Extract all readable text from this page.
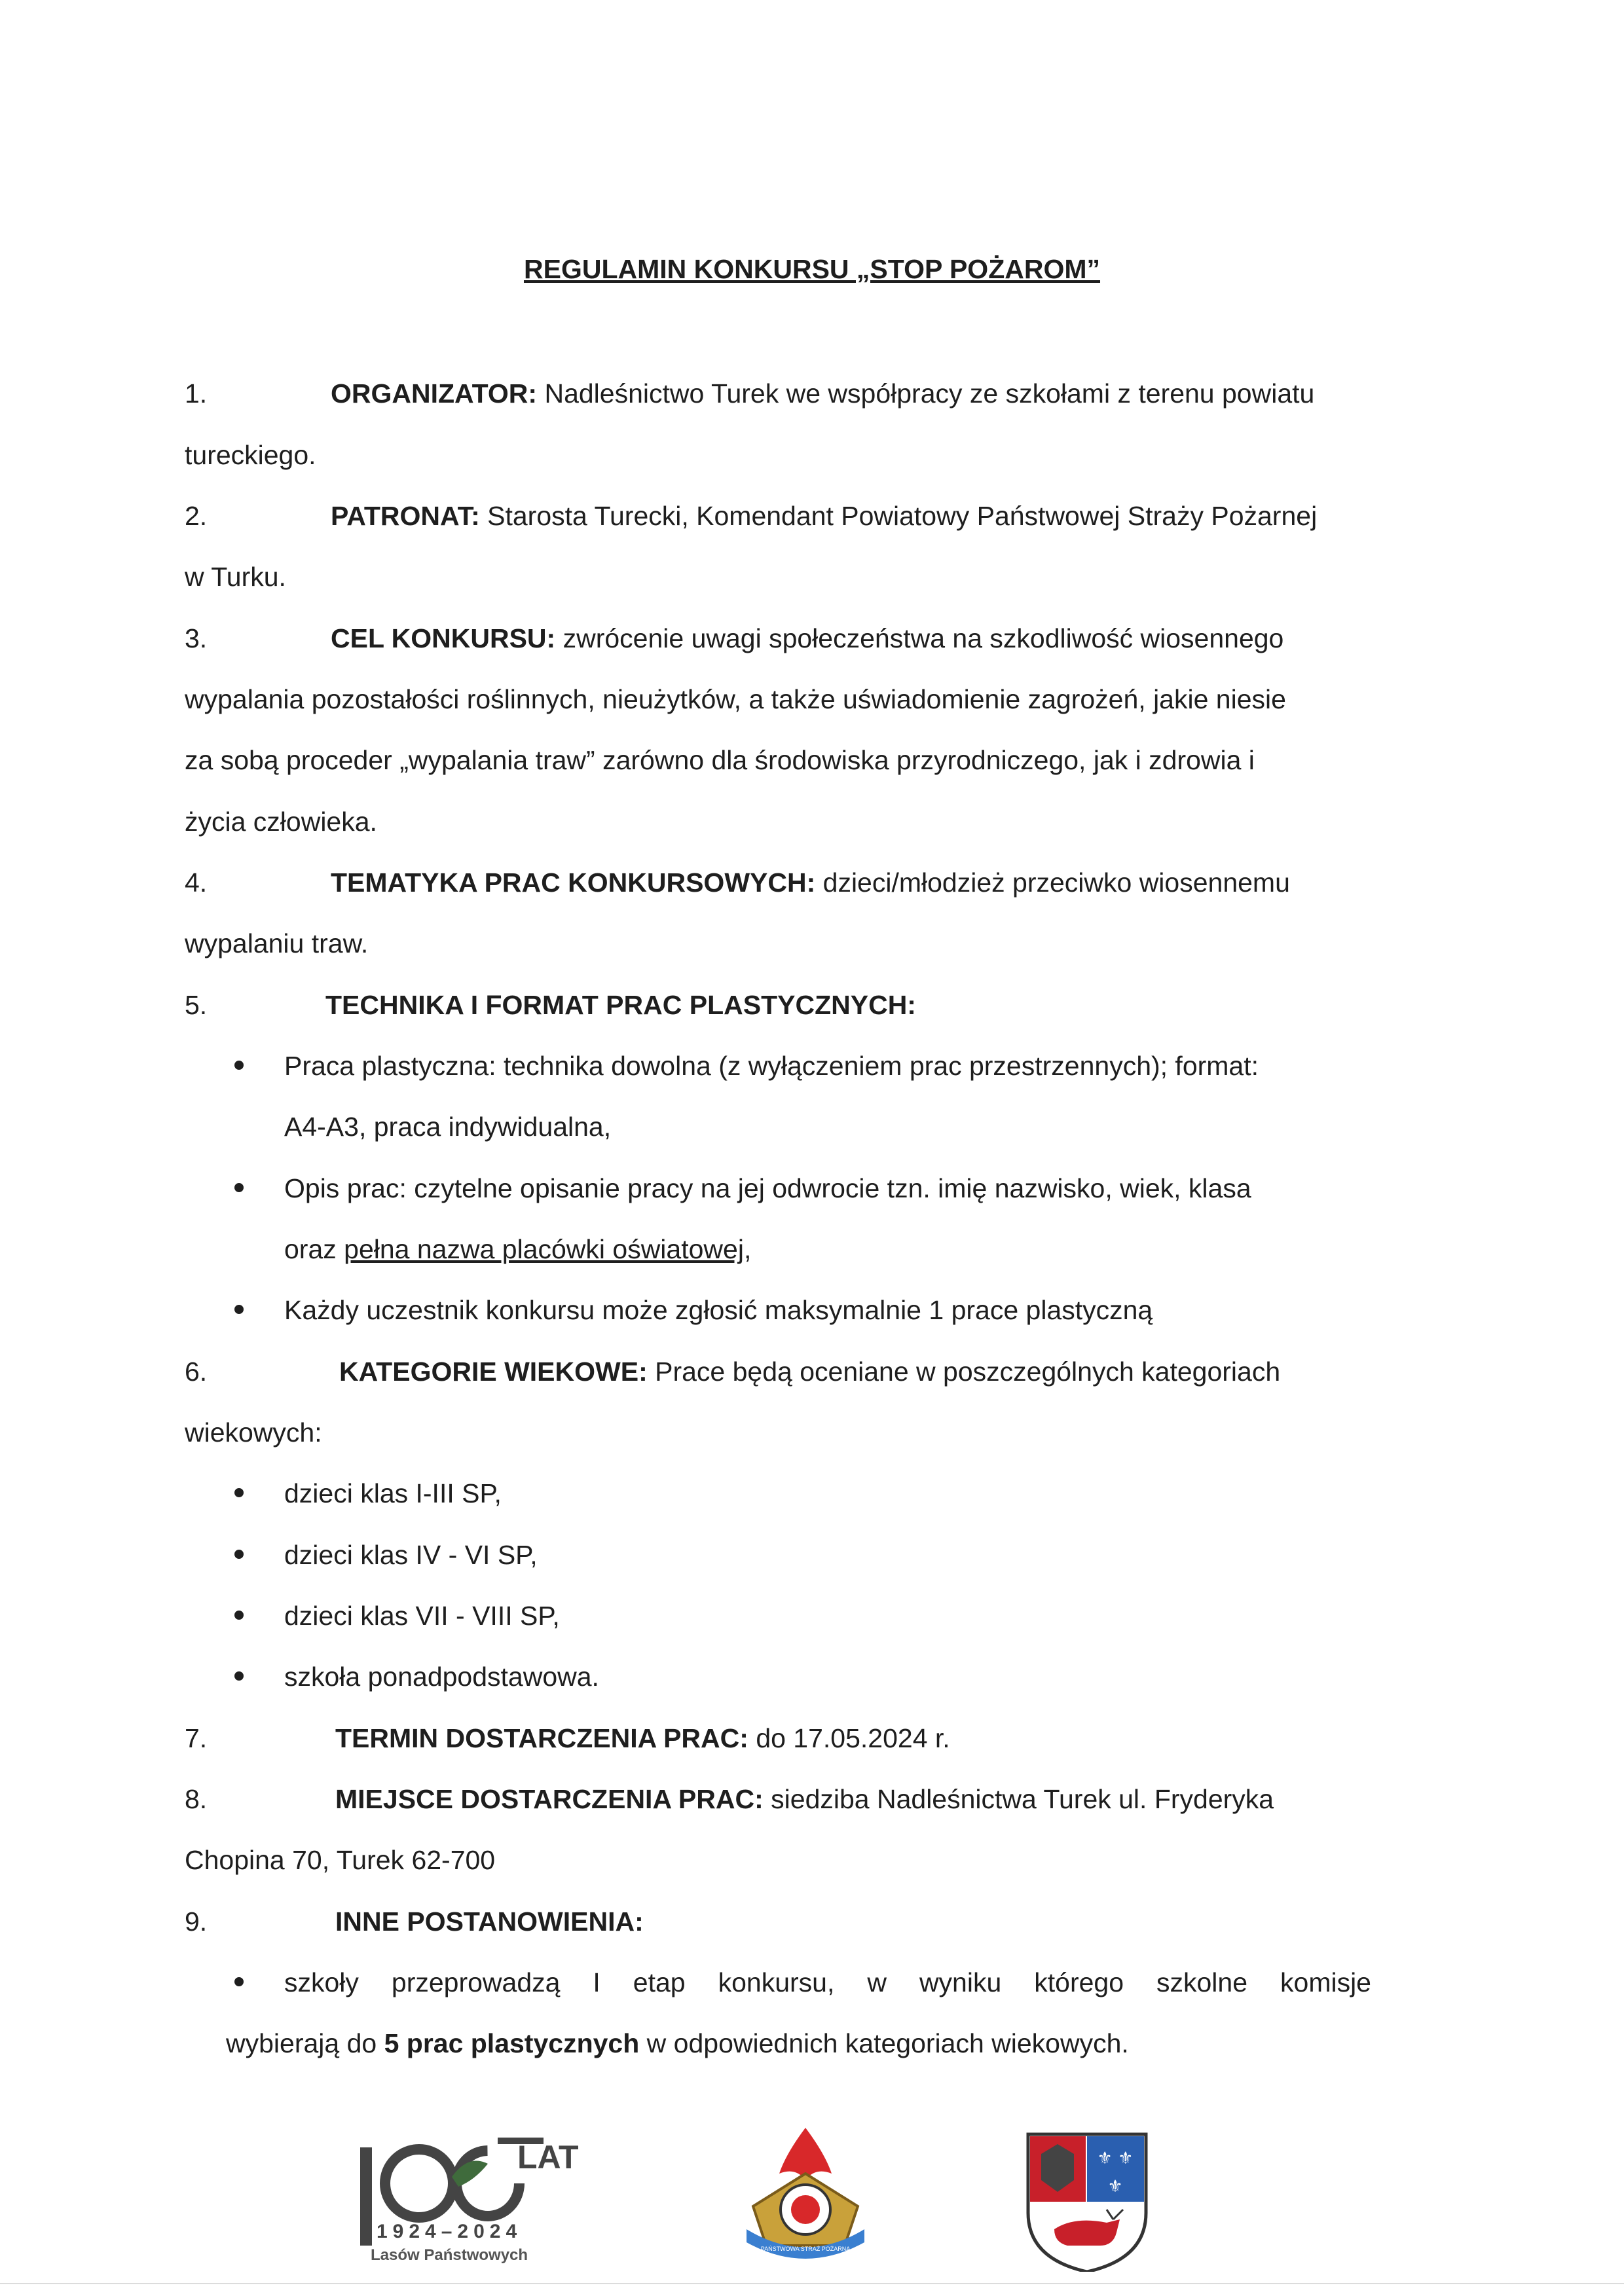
REGULAMIN KONKURSU „STOP POŻAROM”
1.	ORGANIZATOR: Nadleśnictwo Turek we współpracy ze szkołami z terenu powiatu
tureckiego.
2.	PATRONAT: Starosta Turecki, Komendant Powiatowy Państwowej Straży Pożarnej
w Turku.
3.	CEL KONKURSU: zwrócenie uwagi społeczeństwa na szkodliwość wiosennego
wypalania pozostałości roślinnych, nieużytków, a także uświadomienie zagrożeń, jakie niesie
za sobą proceder „wypalania traw” zarówno dla środowiska przyrodniczego, jak i zdrowia i
życia człowieka.
4.	TEMATYKA PRAC KONKURSOWYCH: dzieci/młodzież przeciwko wiosennemu
wypalaniu traw.
5.	TECHNIKA I FORMAT PRAC PLASTYCZNYCH:
Praca plastyczna: technika dowolna (z wyłączeniem prac przestrzennych); format:
A4-A3, praca indywidualna,
Opis prac: czytelne opisanie pracy na jej odwrocie tzn. imię nazwisko, wiek, klasa
oraz pełna nazwa placówki oświatowej,
Każdy uczestnik konkursu może zgłosić maksymalnie 1 prace plastyczną
6.	KATEGORIE WIEKOWE: Prace będą oceniane w poszczególnych kategoriach
wiekowych:
dzieci klas I-III SP,
dzieci klas IV - VI SP,
dzieci klas VII - VIII SP,
szkoła ponadpodstawowa.
7.	TERMIN DOSTARCZENIA PRAC: do 17.05.2024 r.
8.	MIEJSCE DOSTARCZENIA PRAC: siedziba Nadleśnictwa Turek ul. Fryderyka
Chopina 70, Turek 62-700
9.	INNE POSTANOWIENIA:
szkoły przeprowadzą I etap konkursu, w wyniku którego szkolne komisje
wybierają do 5 prac plastycznych w odpowiednich kategoriach wiekowych.
LAT
1924–2024
Lasów Państwowych	PAŃSTWOWA STRAŻ POŻARNA
⚜ ⚜
⚜
